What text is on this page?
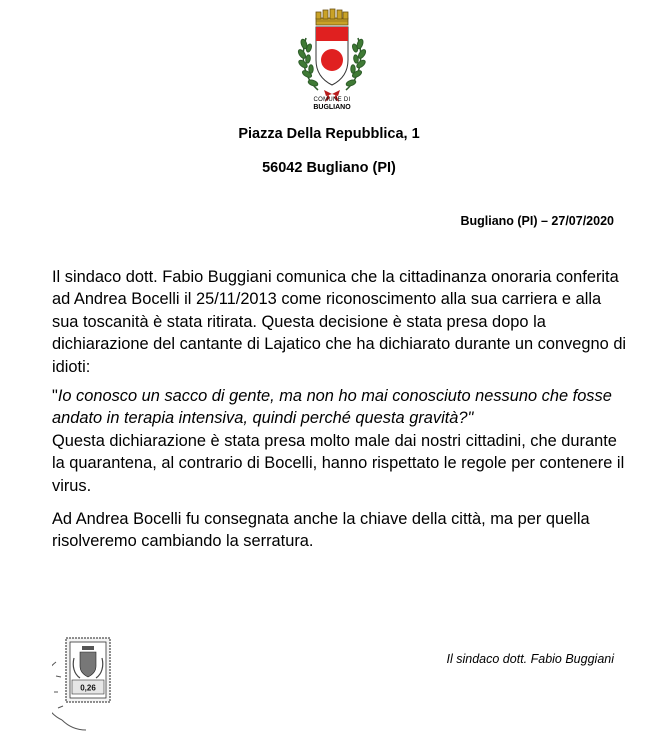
COMUNE DI
BUGLIANO
Piazza Della Repubblica, 1
56042 Bugliano (PI)
Bugliano (PI) – 27/07/2020

Il sindaco dott. Fabio Buggiani comunica che la cittadinanza onoraria conferita ad Andrea Bocelli il 25/11/2013 come riconoscimento alla sua carriera e alla sua toscanità è stata ritirata. Questa decisione è stata presa dopo la dichiarazione del cantante di Lajatico che ha dichiarato durante un convegno di idioti:

"Io conosco un sacco di gente, ma non ho mai conosciuto nessuno che fosse andato in terapia intensiva, quindi perché questa gravità?"

Questa dichiarazione è stata presa molto male dai nostri cittadini, che durante la quarantena, al contrario di Bocelli, hanno rispettato le regole per contenere il virus.

Ad Andrea Bocelli fu consegnata anche la chiave della città, ma per quella risolveremo cambiando la serratura.

Il sindaco dott. Fabio Buggiani
0,26
